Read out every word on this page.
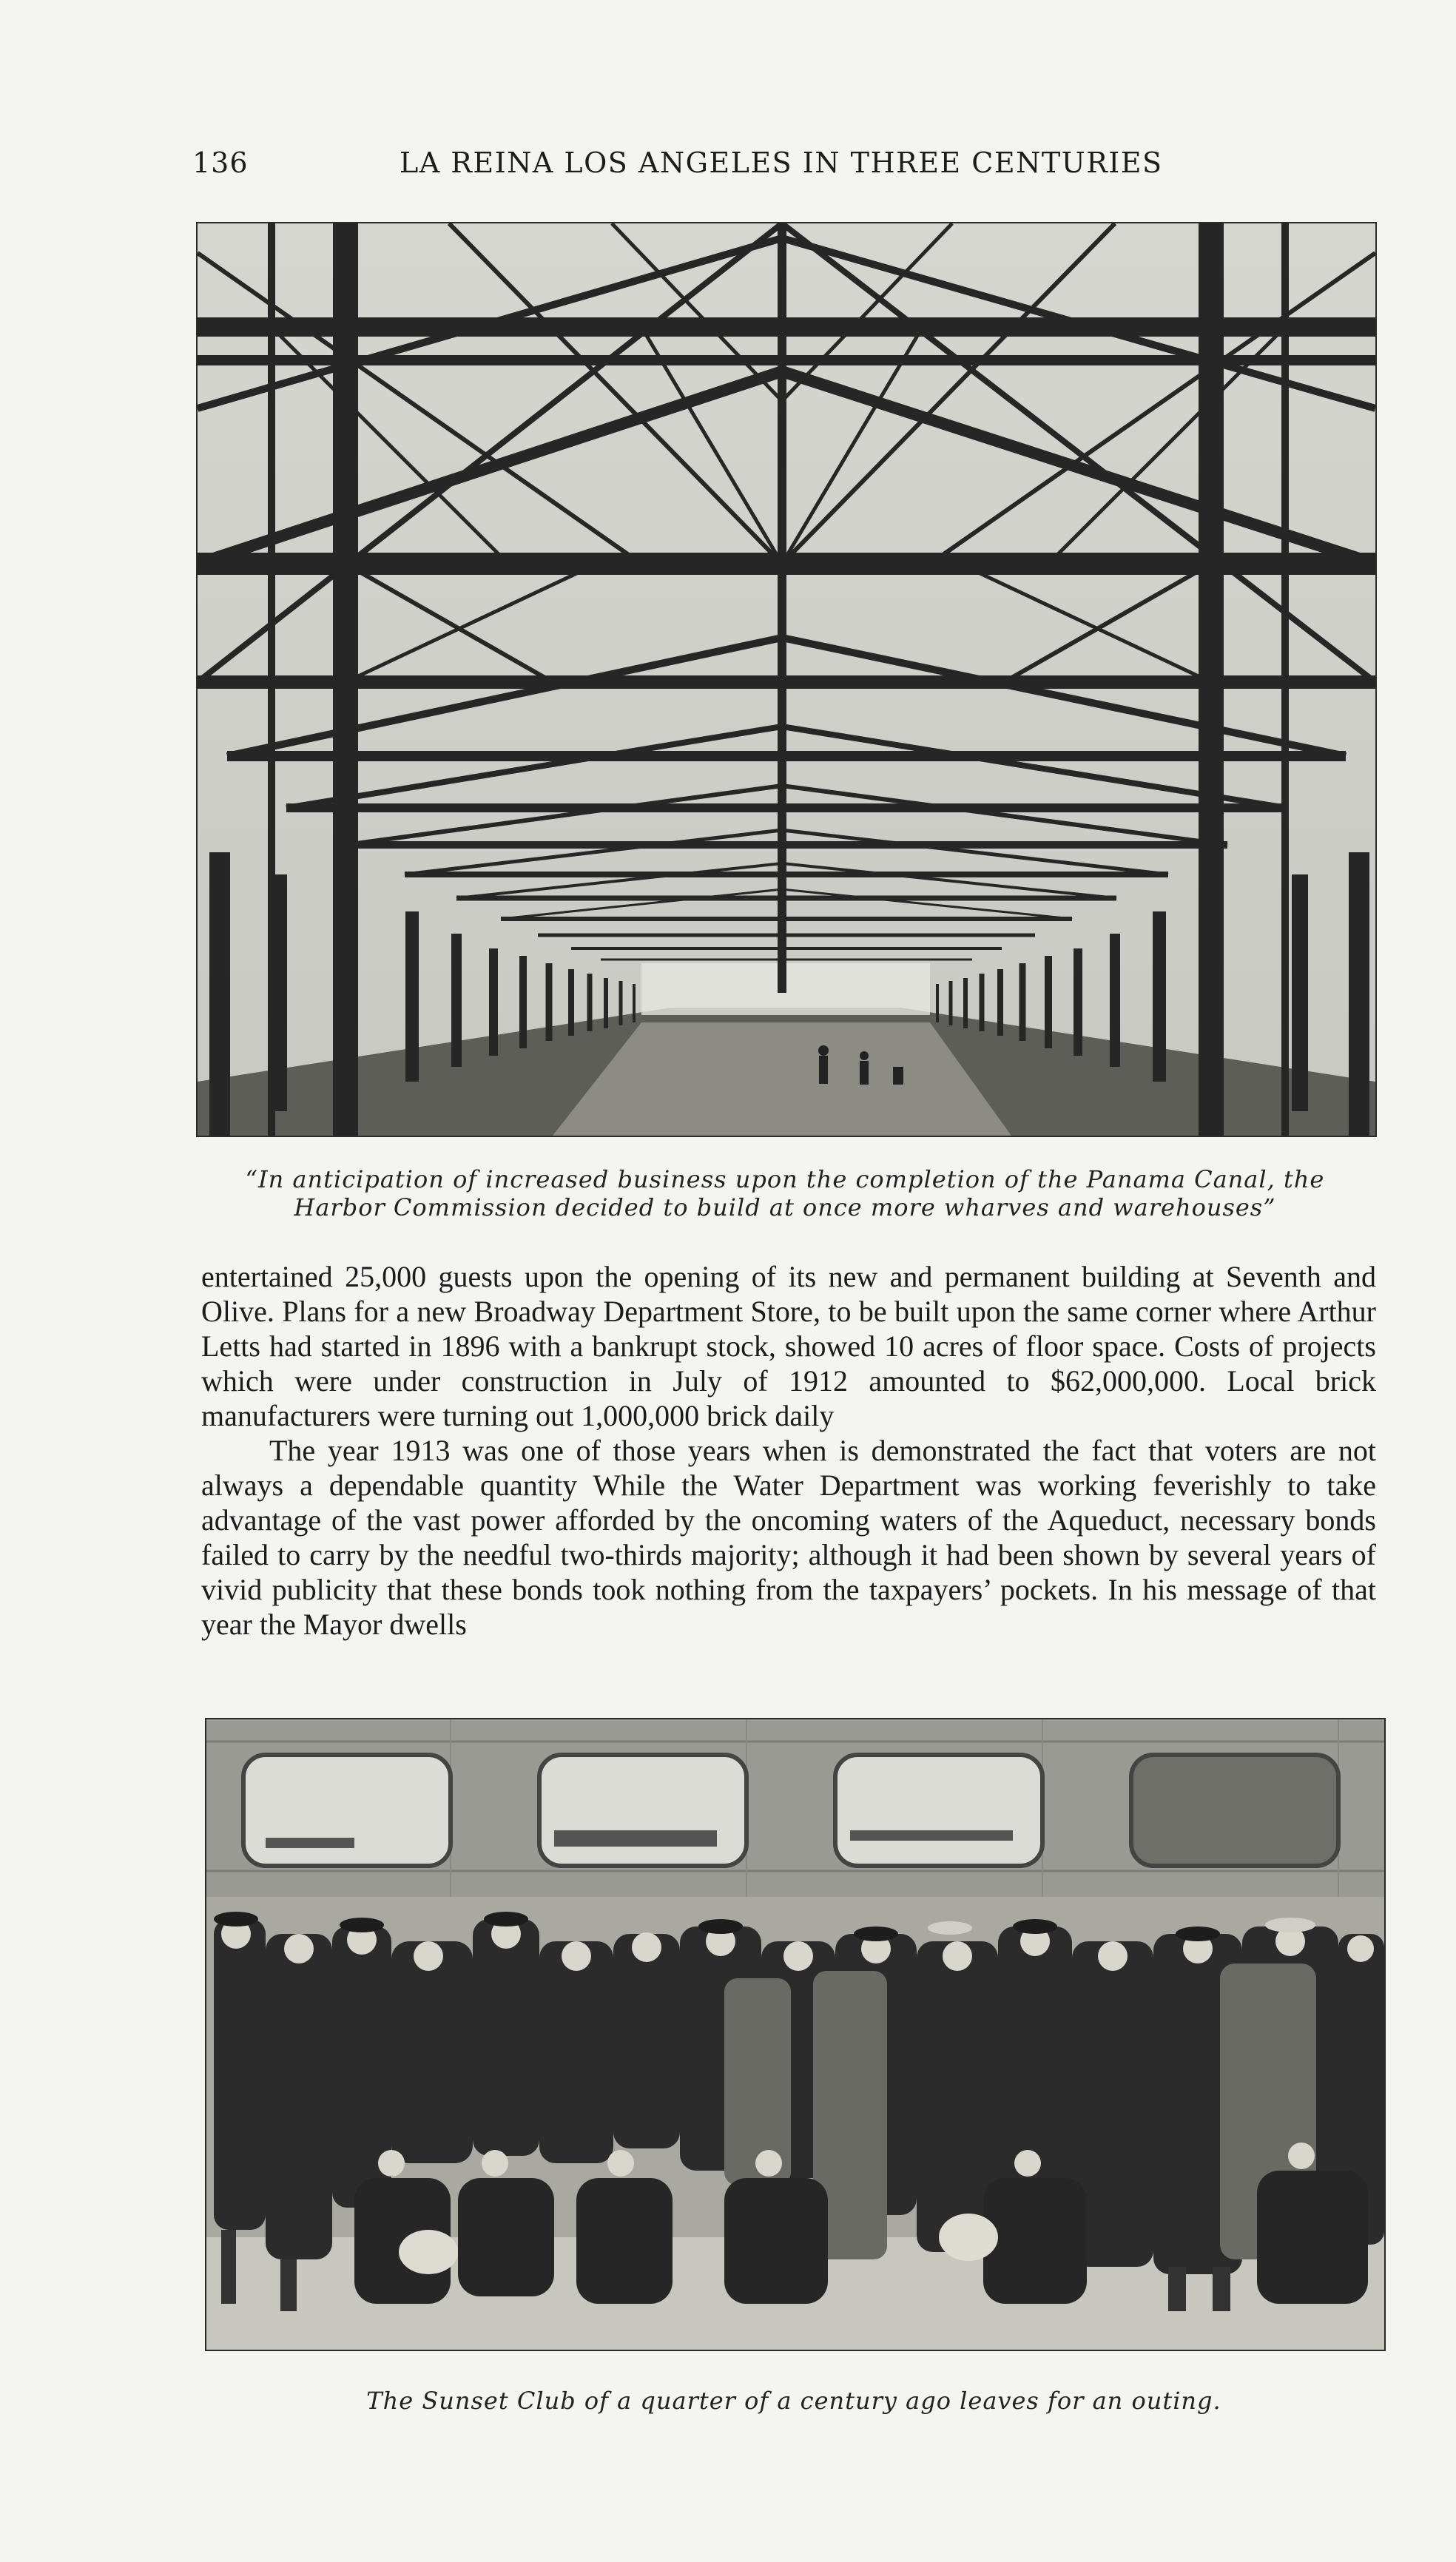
136	LA REINA LOS ANGELES IN THREE CENTURIES
“In anticipation of increased business upon the completion of the Panama Canal, the Harbor Commission decided to build at once more wharves and warehouses”

entertained 25,000 guests upon the opening of its new and permanent building at Seventh and Olive. Plans for a new Broadway Department Store, to be built upon the same corner where Arthur Letts had started in 1896 with a bankrupt stock, showed 10 acres of floor space. Costs of projects which were under construction in July of 1912 amounted to $62,000,000. Local brick manufacturers were turning out 1,000,000 brick daily

The year 1913 was one of those years when is demonstrated the fact that voters are not always a dependable quantity While the Water Department was working feverishly to take advantage of the vast power afforded by the oncoming waters of the Aqueduct, necessary bonds failed to carry by the needful two-thirds majority; although it had been shown by several years of vivid publicity that these bonds took nothing from the taxpayers’ pockets. In his message of that year the Mayor dwells

The Sunset Club of a quarter of a century ago leaves for an outing.
